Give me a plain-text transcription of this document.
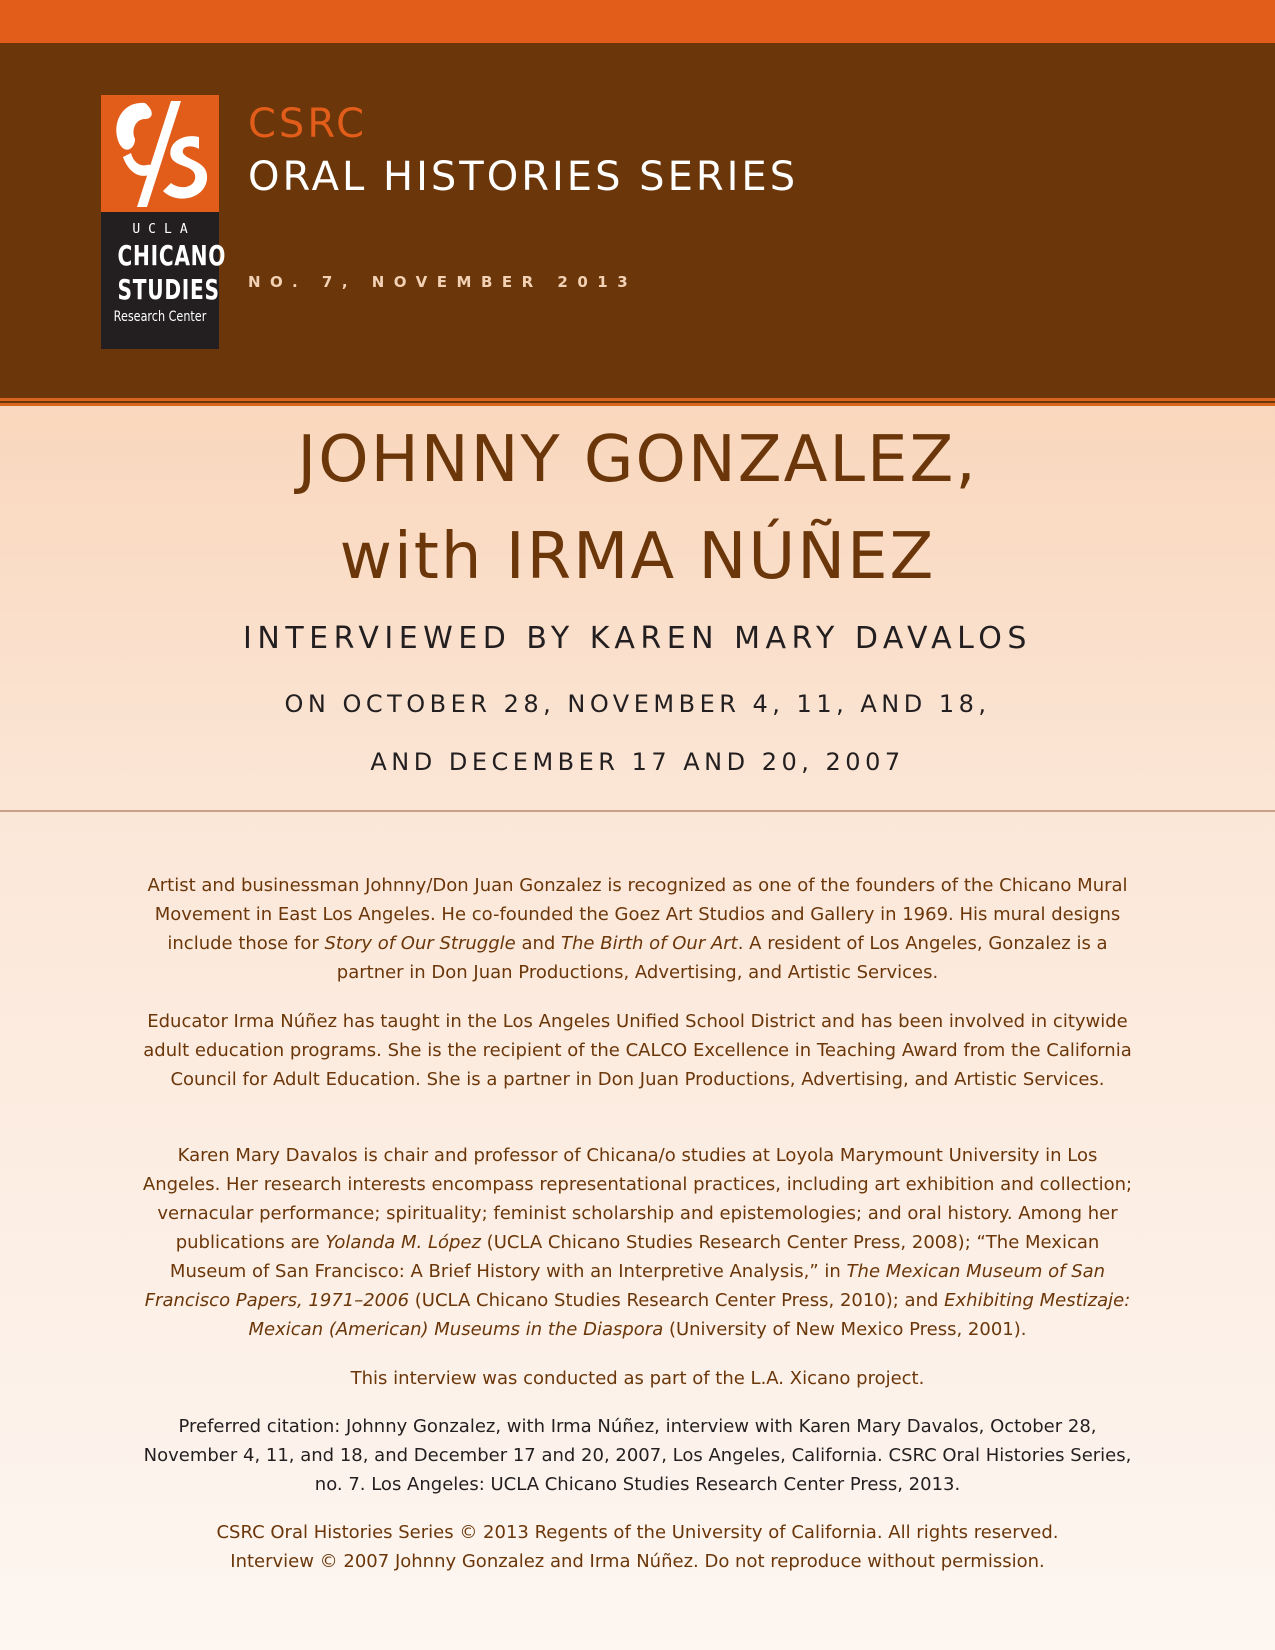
UCLA
CHICANO
STUDIES
Research Center
CSRC
ORAL HISTORIES SERIES
NO. 7, NOVEMBER 2013
JOHNNY GONZALEZ,
with IRMA NÚÑEZ
INTERVIEWED BY KAREN MARY DAVALOS
ON OCTOBER 28, NOVEMBER 4, 11, AND 18,
AND DECEMBER 17 AND 20, 2007
Artist and businessman Johnny/Don Juan Gonzalez is recognized as one of the founders of the Chicano Mural Movement in East Los Angeles. He co-founded the Goez Art Studios and Gallery in 1969. His mural designs include those for Story of Our Struggle and The Birth of Our Art. A resident of Los Angeles, Gonzalez is a partner in Don Juan Productions, Advertising, and Artistic Services.
Educator Irma Núñez has taught in the Los Angeles Unified School District and has been involved in citywide adult education programs. She is the recipient of the CALCO Excellence in Teaching Award from the California Council for Adult Education. She is a partner in Don Juan Productions, Advertising, and Artistic Services.
Karen Mary Davalos is chair and professor of Chicana/o studies at Loyola Marymount University in Los Angeles. Her research interests encompass representational practices, including art exhibition and collection; vernacular performance; spirituality; feminist scholarship and epistemologies; and oral history. Among her publications are Yolanda M. López (UCLA Chicano Studies Research Center Press, 2008); “The Mexican Museum of San Francisco: A Brief History with an Interpretive Analysis,” in The Mexican Museum of San Francisco Papers, 1971–2006 (UCLA Chicano Studies Research Center Press, 2010); and Exhibiting Mestizaje: Mexican (American) Museums in the Diaspora (University of New Mexico Press, 2001).
This interview was conducted as part of the L.A. Xicano project.
Preferred citation: Johnny Gonzalez, with Irma Núñez, interview with Karen Mary Davalos, October 28, November 4, 11, and 18, and December 17 and 20, 2007, Los Angeles, California. CSRC Oral Histories Series, no. 7. Los Angeles: UCLA Chicano Studies Research Center Press, 2013.
CSRC Oral Histories Series © 2013 Regents of the University of California. All rights reserved.
Interview © 2007 Johnny Gonzalez and Irma Núñez. Do not reproduce without permission.
